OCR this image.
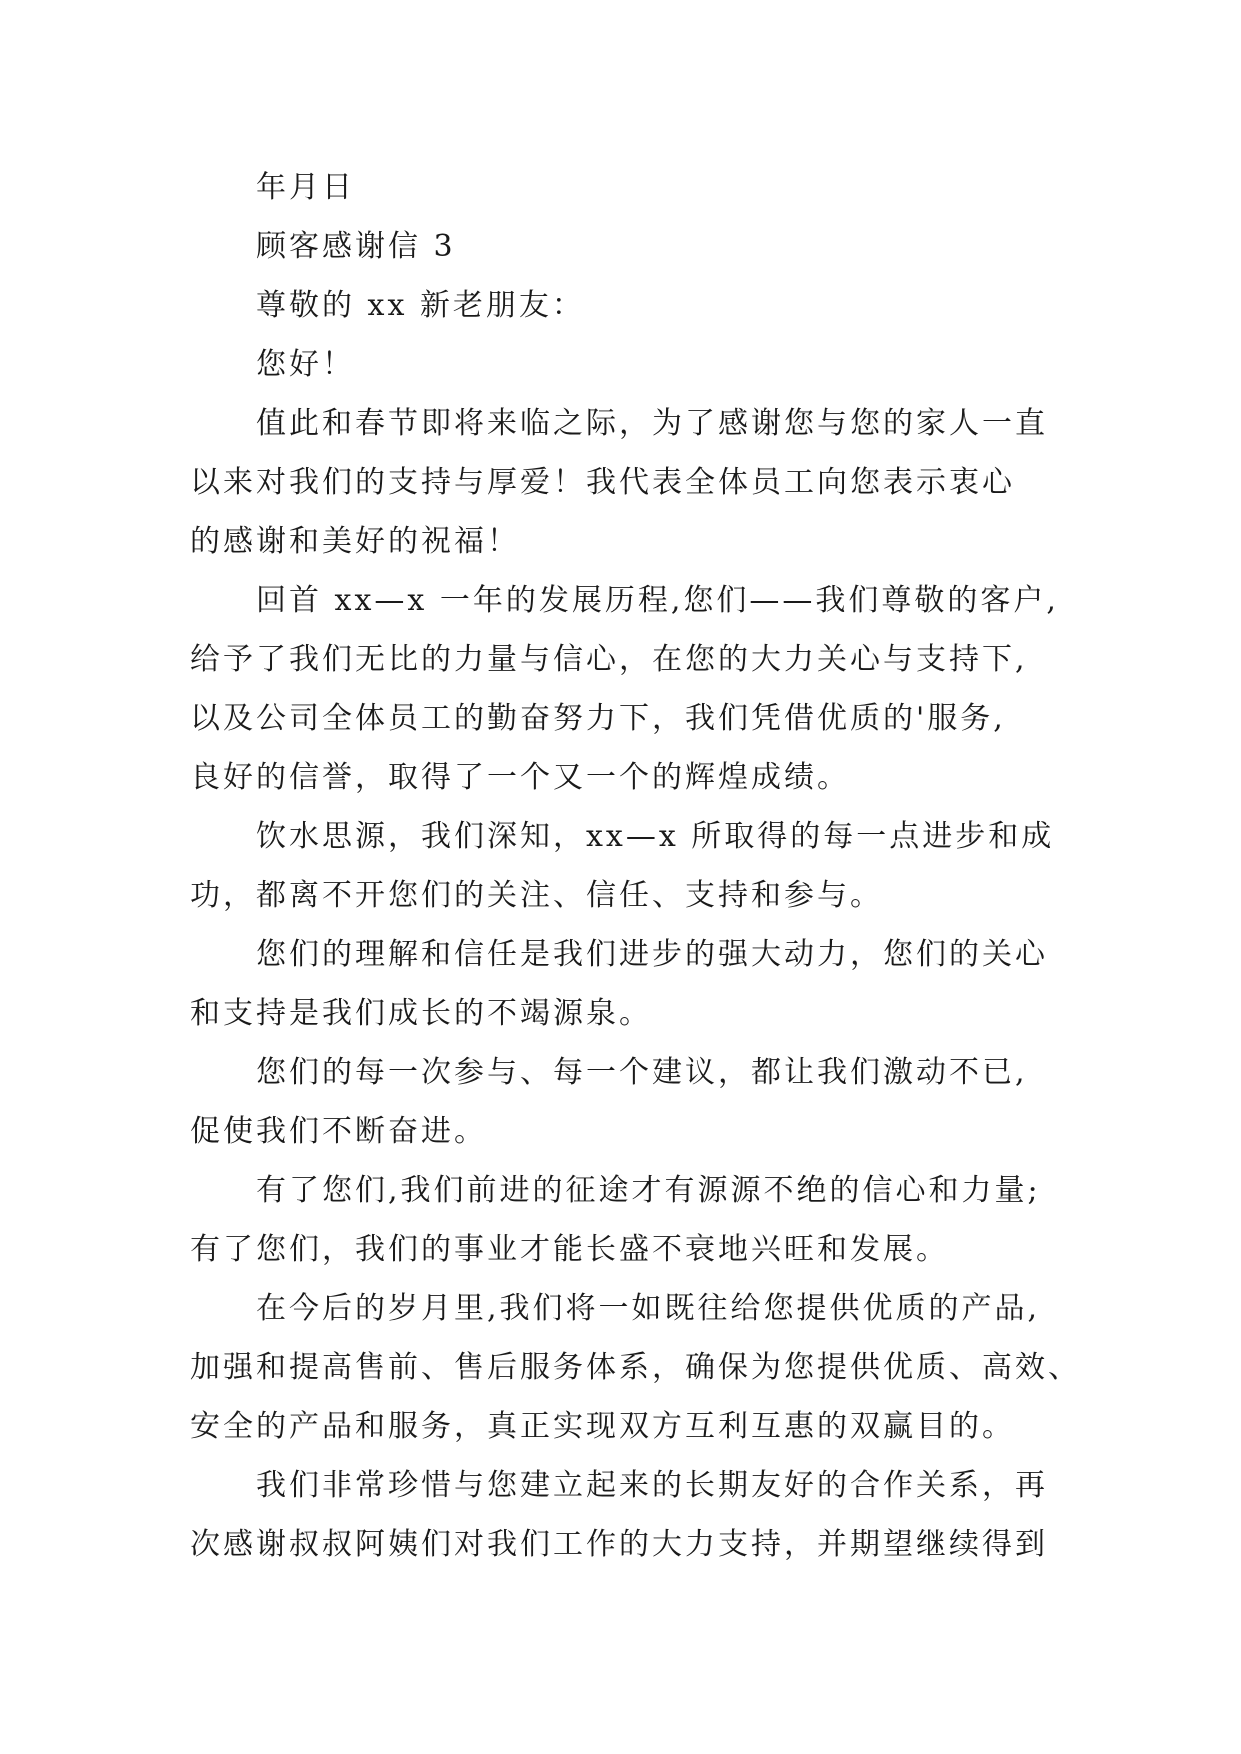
年月日
顾客感谢信 3
尊敬的 xx 新老朋友：
您好！
值此和春节即将来临之际，为了感谢您与您的家人一直
以来对我们的支持与厚爱！我代表全体员工向您表示衷心
的感谢和美好的祝福！
回首 xx—x 一年的发展历程,您们——我们尊敬的客户,
给予了我们无比的力量与信心，在您的大力关心与支持下,
以及公司全体员工的勤奋努力下，我们凭借优质的'服务,
良好的信誉，取得了一个又一个的辉煌成绩。
饮水思源，我们深知，xx—x 所取得的每一点进步和成
功，都离不开您们的关注、信任、支持和参与。
您们的理解和信任是我们进步的强大动力，您们的关心
和支持是我们成长的不竭源泉。
您们的每一次参与、每一个建议，都让我们激动不已,
促使我们不断奋进。
有了您们,我们前进的征途才有源源不绝的信心和力量;
有了您们，我们的事业才能长盛不衰地兴旺和发展。
在今后的岁月里,我们将一如既往给您提供优质的产品,
加强和提高售前、售后服务体系，确保为您提供优质、高效、
安全的产品和服务，真正实现双方互利互惠的双赢目的。
我们非常珍惜与您建立起来的长期友好的合作关系，再
次感谢叔叔阿姨们对我们工作的大力支持，并期望继续得到
